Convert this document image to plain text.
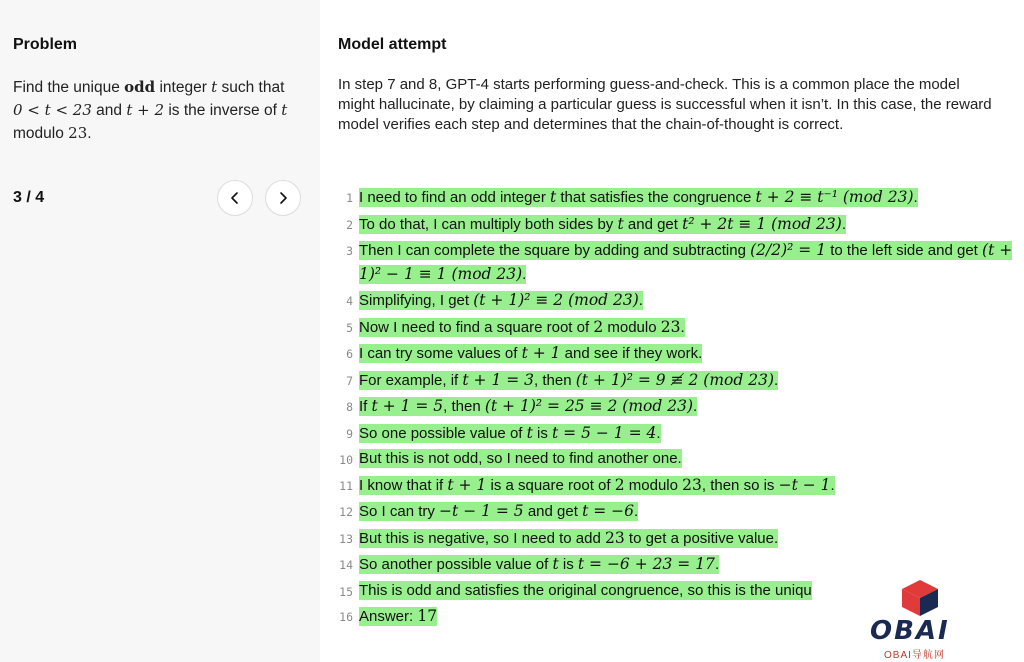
Problem
Find the unique odd integer t such that
0 < t < 23 and t + 2 is the inverse of t
modulo 23.
3 / 4
Model attempt
In step 7 and 8, GPT-4 starts performing guess-and-check. This is a common place the model might hallucinate, by claiming a particular guess is successful when it isn’t. In this case, the reward model verifies each step and determines that the chain-of-thought is correct.
1 I need to find an odd integer t that satisfies the congruence t + 2 ≡ t⁻¹ (mod 23).
2 To do that, I can multiply both sides by t and get t² + 2t ≡ 1 (mod 23).
3 Then I can complete the square by adding and subtracting (2/2)² = 1 to the left side and get (t + 1)² − 1 ≡ 1 (mod 23).
4 Simplifying, I get (t + 1)² ≡ 2 (mod 23).
5 Now I need to find a square root of 2 modulo 23.
6 I can try some values of t + 1 and see if they work.
7 For example, if t + 1 = 3, then (t + 1)² = 9 ≢ 2 (mod 23).
8 If t + 1 = 5, then (t + 1)² = 25 ≡ 2 (mod 23).
9 So one possible value of t is t = 5 − 1 = 4.
10 But this is not odd, so I need to find another one.
11 I know that if t + 1 is a square root of 2 modulo 23, then so is −t − 1.
12 So I can try −t − 1 = 5 and get t = −6.
13 But this is negative, so I need to add 23 to get a positive value.
14 So another possible value of t is t = −6 + 23 = 17.
15 This is odd and satisfies the original congruence, so this is the uniqu
16 Answer: 17	OBAI
OBAI导航网
